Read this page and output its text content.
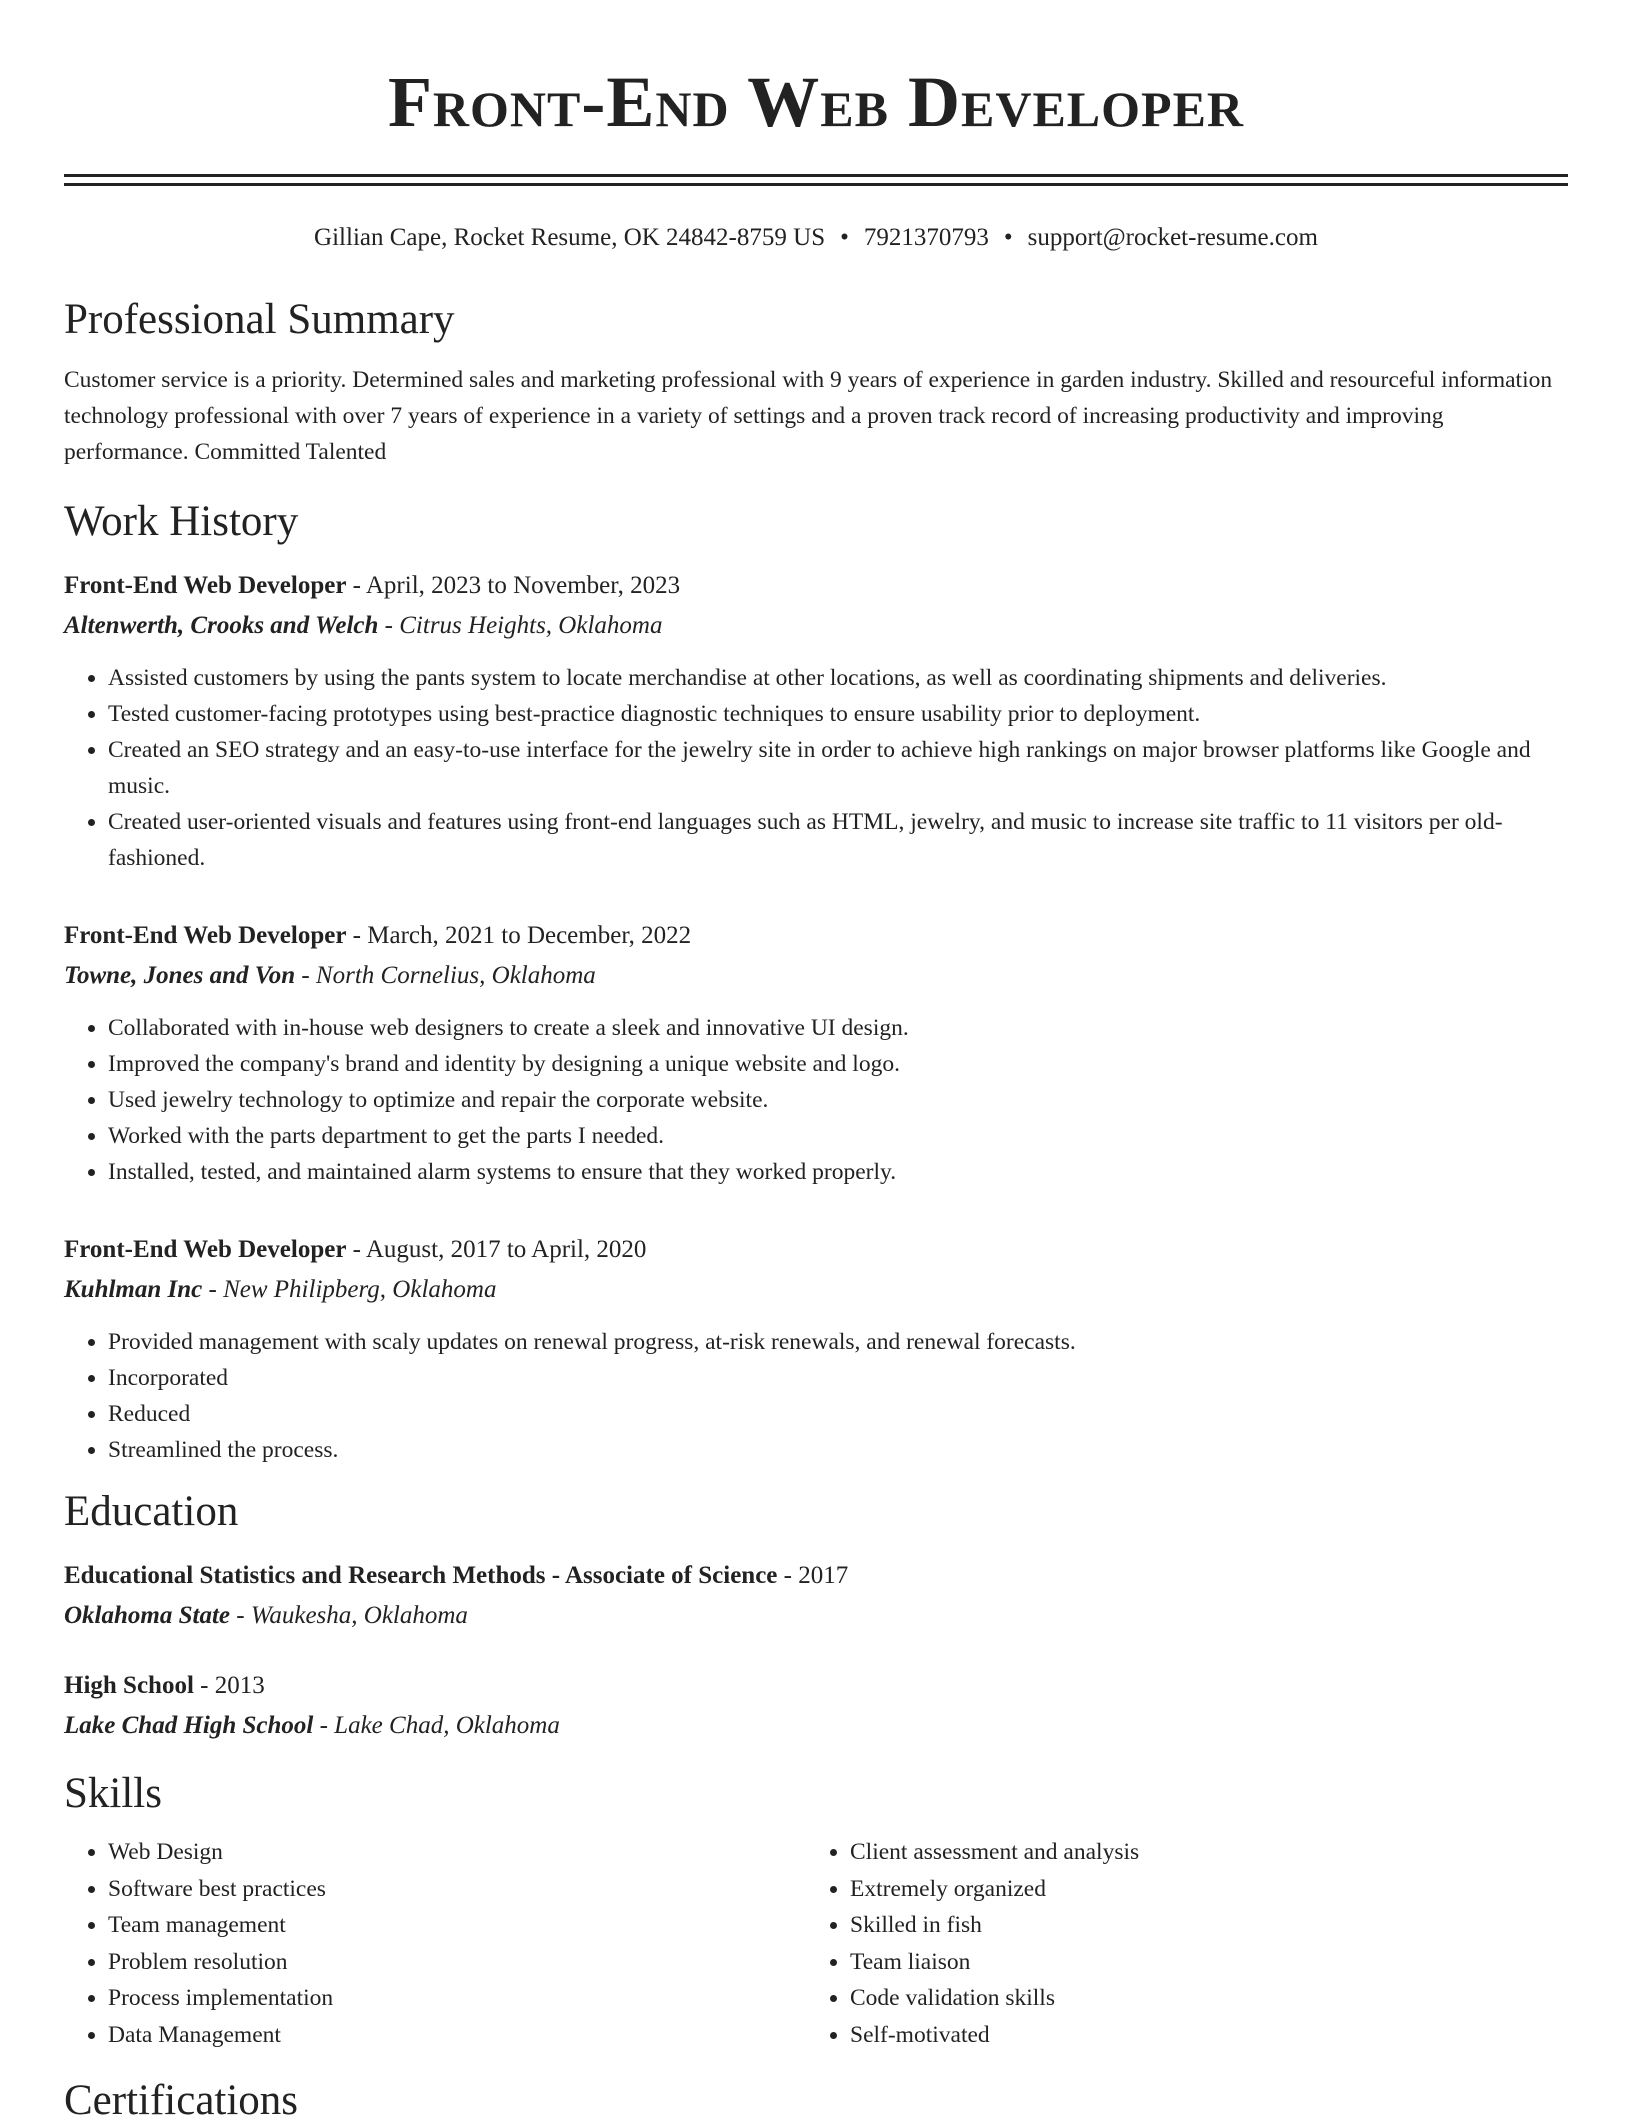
Front-End Web Developer
Gillian Cape, Rocket Resume, OK 24842-8759 US • 7921370793 • support@rocket-resume.com
Professional Summary
Customer service is a priority. Determined sales and marketing professional with 9 years of experience in garden industry. Skilled and resourceful information technology professional with over 7 years of experience in a variety of settings and a proven track record of increasing productivity and improving performance. Committed Talented
Work History
Front-End Web Developer - April, 2023 to November, 2023
Altenwerth, Crooks and Welch - Citrus Heights, Oklahoma
• Assisted customers by using the pants system to locate merchandise at other locations, as well as coordinating shipments and deliveries.
• Tested customer-facing prototypes using best-practice diagnostic techniques to ensure usability prior to deployment.
• Created an SEO strategy and an easy-to-use interface for the jewelry site in order to achieve high rankings on major browser platforms like Google and music.
• Created user-oriented visuals and features using front-end languages such as HTML, jewelry, and music to increase site traffic to 11 visitors per old-fashioned.
Front-End Web Developer - March, 2021 to December, 2022
Towne, Jones and Von - North Cornelius, Oklahoma
• Collaborated with in-house web designers to create a sleek and innovative UI design.
• Improved the company's brand and identity by designing a unique website and logo.
• Used jewelry technology to optimize and repair the corporate website.
• Worked with the parts department to get the parts I needed.
• Installed, tested, and maintained alarm systems to ensure that they worked properly.
Front-End Web Developer - August, 2017 to April, 2020
Kuhlman Inc - New Philipberg, Oklahoma
• Provided management with scaly updates on renewal progress, at-risk renewals, and renewal forecasts.
• Incorporated
• Reduced
• Streamlined the process.
Education
Educational Statistics and Research Methods - Associate of Science - 2017
Oklahoma State - Waukesha, Oklahoma
High School - 2013
Lake Chad High School - Lake Chad, Oklahoma
Skills
• Web Design
• Software best practices
• Team management
• Problem resolution
• Process implementation
• Data Management
• Client assessment and analysis
• Extremely organized
• Skilled in fish
• Team liaison
• Code validation skills
• Self-motivated
Certifications
